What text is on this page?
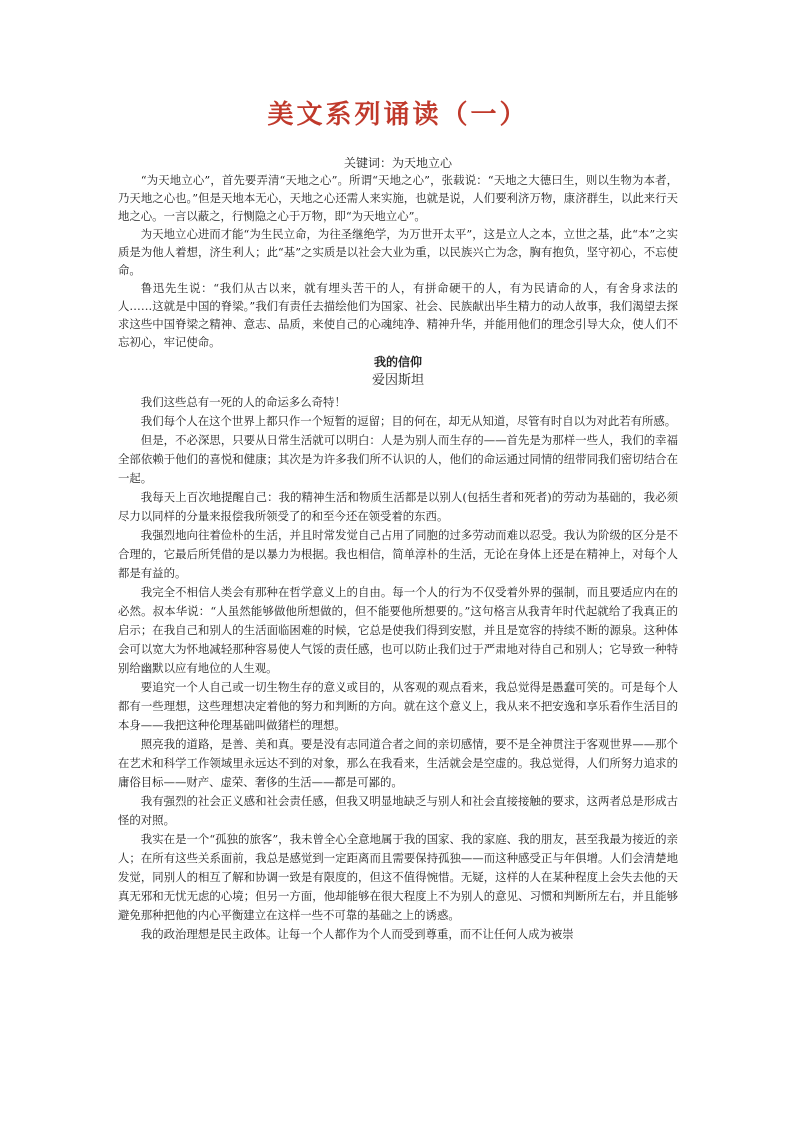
美文系列诵读（一）

关键词：为天地立心

“为天地立心”，首先要弄清“天地之心”。所谓“天地之心”，张载说：“天地之大德曰生，则以生物为本者，乃天地之心也。”但是天地本无心，天地之心还需人来实施，也就是说，人们要利济万物，康济群生，以此来行天地之心。一言以蔽之，行恻隐之心于万物，即“为天地立心”。

为天地立心进而才能“为生民立命，为往圣继绝学，为万世开太平”，这是立人之本，立世之基，此“本”之实质是为他人着想，济生利人；此“基”之实质是以社会大业为重，以民族兴亡为念，胸有抱负，坚守初心，不忘使命。

鲁迅先生说：“我们从古以来，就有埋头苦干的人，有拼命硬干的人，有为民请命的人，有舍身求法的人……这就是中国的脊梁。”我们有责任去描绘他们为国家、社会、民族献出毕生精力的动人故事，我们渴望去探求这些中国脊梁之精神、意志、品质，来使自己的心魂纯净、精神升华，并能用他们的理念引导大众，使人们不忘初心，牢记使命。

我的信仰

爱因斯坦

我们这些总有一死的人的命运多么奇特！

我们每个人在这个世界上都只作一个短暂的逗留；目的何在，却无从知道，尽管有时自以为对此若有所感。

但是，不必深思，只要从日常生活就可以明白：人是为别人而生存的——首先是为那样一些人，我们的幸福全部依赖于他们的喜悦和健康；其次是为许多我们所不认识的人，他们的命运通过同情的纽带同我们密切结合在一起。

我每天上百次地提醒自己：我的精神生活和物质生活都是以别人(包括生者和死者)的劳动为基础的，我必须尽力以同样的分量来报偿我所领受了的和至今还在领受着的东西。

我强烈地向往着俭朴的生活，并且时常发觉自己占用了同胞的过多劳动而难以忍受。我认为阶级的区分是不合理的，它最后所凭借的是以暴力为根据。我也相信，简单淳朴的生活，无论在身体上还是在精神上，对每个人都是有益的。

我完全不相信人类会有那种在哲学意义上的自由。每一个人的行为不仅受着外界的强制，而且要适应内在的必然。叔本华说：“人虽然能够做他所想做的，但不能要他所想要的。”这句格言从我青年时代起就给了我真正的启示；在我自己和别人的生活面临困难的时候，它总是使我们得到安慰，并且是宽容的持续不断的源泉。这种体会可以宽大为怀地减轻那种容易使人气馁的责任感，也可以防止我们过于严肃地对待自己和别人；它导致一种特别给幽默以应有地位的人生观。

要追究一个人自己或一切生物生存的意义或目的，从客观的观点看来，我总觉得是愚蠢可笑的。可是每个人都有一些理想，这些理想决定着他的努力和判断的方向。就在这个意义上，我从来不把安逸和享乐看作生活目的本身——我把这种伦理基础叫做猪栏的理想。

照亮我的道路，是善、美和真。要是没有志同道合者之间的亲切感情，要不是全神贯注于客观世界——那个在艺术和科学工作领域里永远达不到的对象，那么在我看来，生活就会是空虚的。我总觉得，人们所努力追求的庸俗目标——财产、虚荣、奢侈的生活——都是可鄙的。

我有强烈的社会正义感和社会责任感，但我又明显地缺乏与别人和社会直接接触的要求，这两者总是形成古怪的对照。

我实在是一个“孤独的旅客”，我未曾全心全意地属于我的国家、我的家庭、我的朋友，甚至我最为接近的亲人；在所有这些关系面前，我总是感觉到一定距离而且需要保持孤独——而这种感受正与年俱增。人们会清楚地发觉，同别人的相互了解和协调一致是有限度的，但这不值得惋惜。无疑，这样的人在某种程度上会失去他的天真无邪和无忧无虑的心境；但另一方面，他却能够在很大程度上不为别人的意见、习惯和判断所左右，并且能够避免那种把他的内心平衡建立在这样一些不可靠的基础之上的诱惑。

我的政治理想是民主政体。让每一个人都作为个人而受到尊重，而不让任何人成为被崇
